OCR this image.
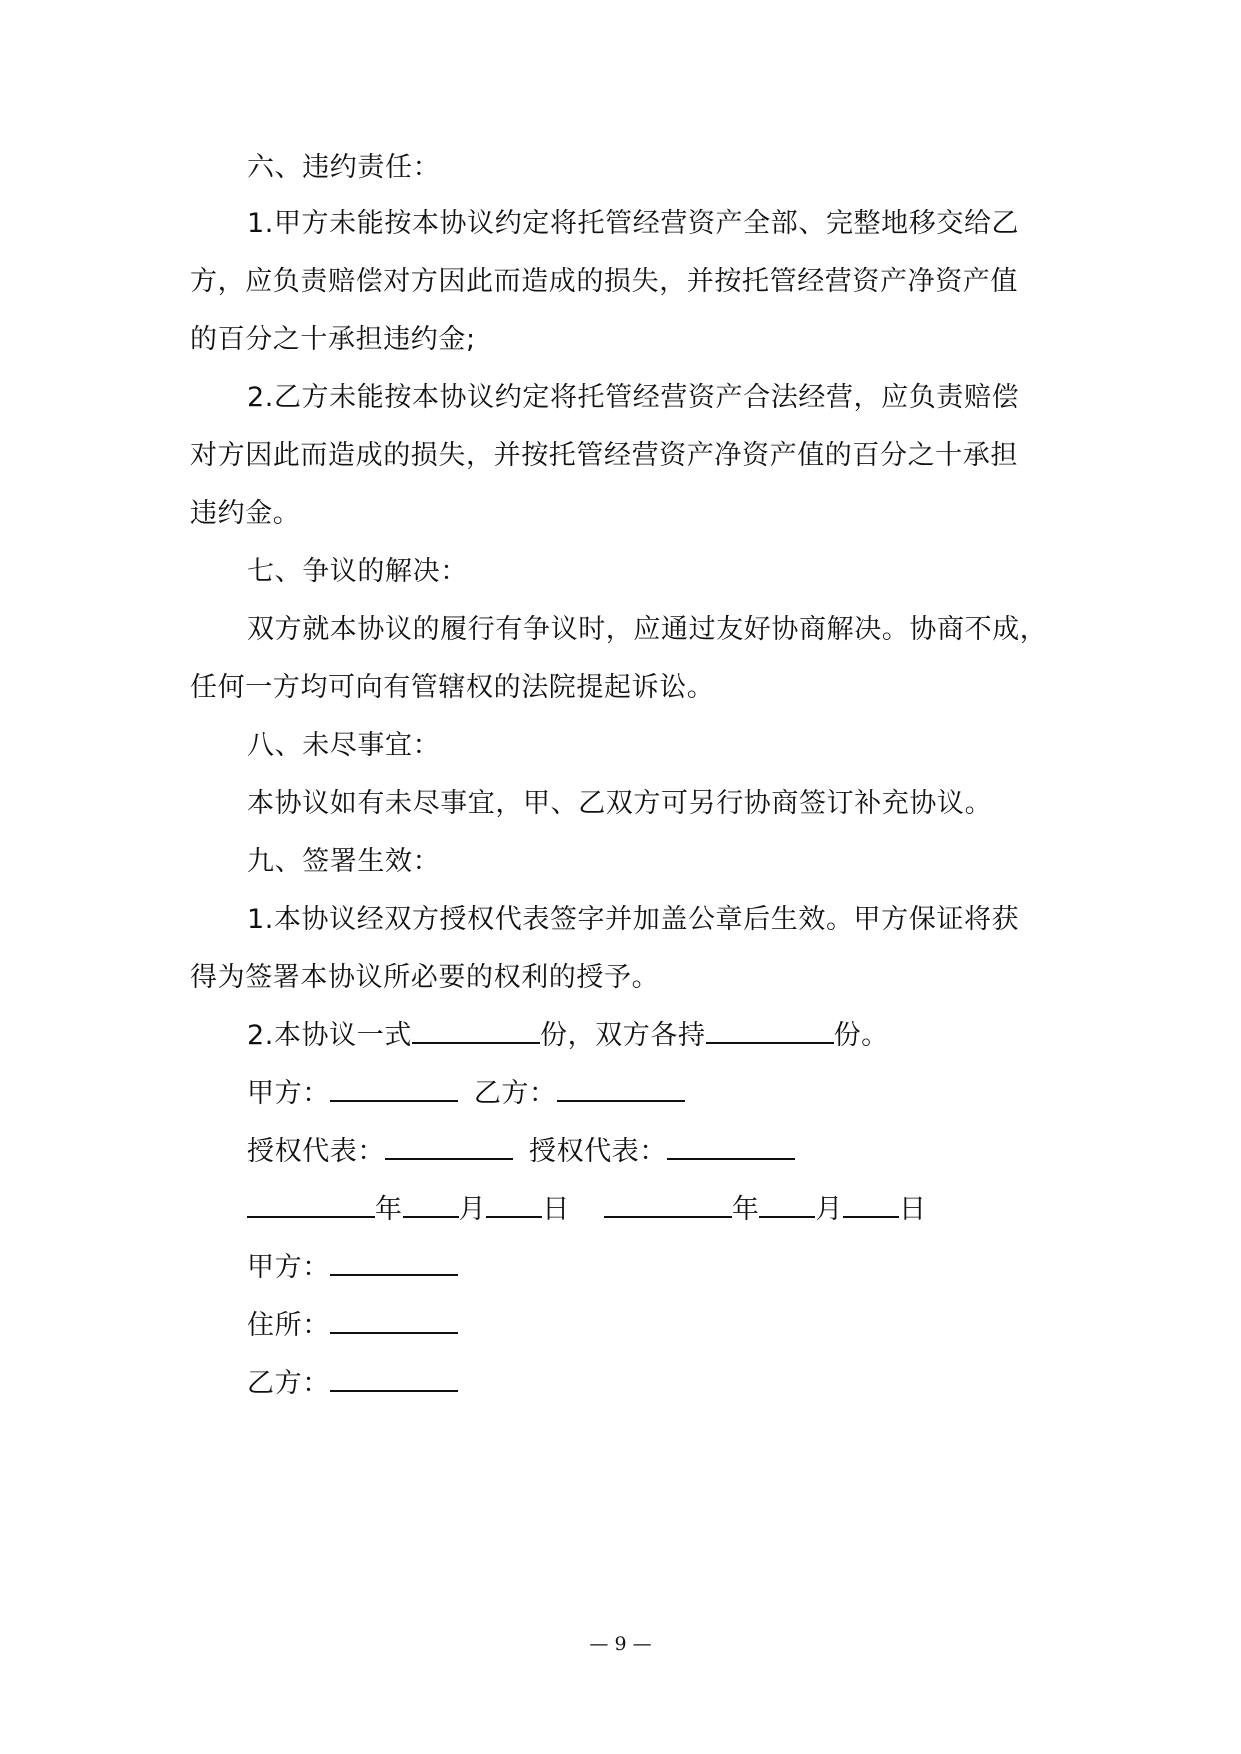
六、违约责任：
1.甲方未能按本协议约定将托管经营资产全部、完整地移交给乙
方，应负责赔偿对方因此而造成的损失，并按托管经营资产净资产值
的百分之十承担违约金;
2.乙方未能按本协议约定将托管经营资产合法经营，应负责赔偿
对方因此而造成的损失，并按托管经营资产净资产值的百分之十承担
违约金。
七、争议的解决：
双方就本协议的履行有争议时，应通过友好协商解决。协商不成，
任何一方均可向有管辖权的法院提起诉讼。
八、未尽事宜：
本协议如有未尽事宜，甲、乙双方可另行协商签订补充协议。
九、签署生效：
1.本协议经双方授权代表签字并加盖公章后生效。甲方保证将获
得为签署本协议所必要的权利的授予。
2.本协议一式	份，双方各持	份。
甲方：	乙方：
授权代表：	授权代表：
年 月 日	年 月 日
甲方：
住所：
乙方：
— 9 —
